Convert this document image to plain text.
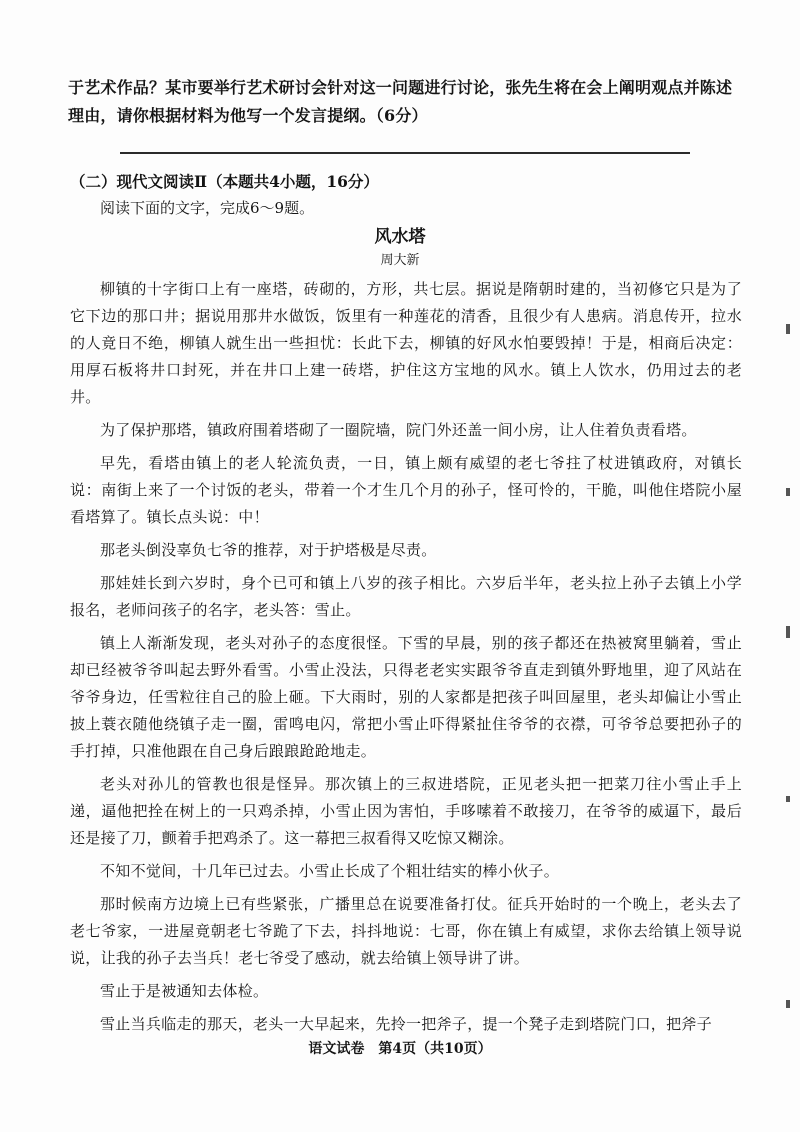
于艺术作品？某市要举行艺术研讨会针对这一问题进行讨论，张先生将在会上阐明观点并陈述理由，请你根据材料为他写一个发言提纲。（6分）
（二）现代文阅读Ⅱ（本题共4小题，16分）
阅读下面的文字，完成6～9题。
风水塔
周大新

柳镇的十字街口上有一座塔，砖砌的，方形，共七层。据说是隋朝时建的，当初修它只是为了它下边的那口井；据说用那井水做饭，饭里有一种莲花的清香，且很少有人患病。消息传开，拉水的人竟日不绝，柳镇人就生出一些担忧：长此下去，柳镇的好风水怕要毁掉！于是，相商后决定：用厚石板将井口封死，并在井口上建一砖塔，护住这方宝地的风水。镇上人饮水，仍用过去的老井。

为了保护那塔，镇政府围着塔砌了一圈院墙，院门外还盖一间小房，让人住着负责看塔。

早先，看塔由镇上的老人轮流负责，一日，镇上颇有威望的老七爷拄了杖进镇政府，对镇长说：南街上来了一个讨饭的老头，带着一个才生几个月的孙子，怪可怜的，干脆，叫他住塔院小屋看塔算了。镇长点头说：中！

那老头倒没辜负七爷的推荐，对于护塔极是尽责。

那娃娃长到六岁时，身个已可和镇上八岁的孩子相比。六岁后半年，老头拉上孙子去镇上小学报名，老师问孩子的名字，老头答：雪止。

镇上人渐渐发现，老头对孙子的态度很怪。下雪的早晨，别的孩子都还在热被窝里躺着，雪止却已经被爷爷叫起去野外看雪。小雪止没法，只得老老实实跟爷爷直走到镇外野地里，迎了风站在爷爷身边，任雪粒往自己的脸上砸。下大雨时，别的人家都是把孩子叫回屋里，老头却偏让小雪止披上蓑衣随他绕镇子走一圈，雷鸣电闪，常把小雪止吓得紧扯住爷爷的衣襟，可爷爷总要把孙子的手打掉，只准他跟在自己身后踉踉跄跄地走。

老头对孙儿的管教也很是怪异。那次镇上的三叔进塔院，正见老头把一把菜刀往小雪止手上递，逼他把拴在树上的一只鸡杀掉，小雪止因为害怕，手哆嗦着不敢接刀，在爷爷的威逼下，最后还是接了刀，颤着手把鸡杀了。这一幕把三叔看得又吃惊又糊涂。

不知不觉间，十几年已过去。小雪止长成了个粗壮结实的棒小伙子。

那时候南方边境上已有些紧张，广播里总在说要准备打仗。征兵开始时的一个晚上，老头去了老七爷家，一进屋竟朝老七爷跪了下去，抖抖地说：七哥，你在镇上有威望，求你去给镇上领导说说，让我的孙子去当兵！老七爷受了感动，就去给镇上领导讲了讲。

雪止于是被通知去体检。

雪止当兵临走的那天，老头一大早起来，先拎一把斧子，提一个凳子走到塔院门口，把斧子

语文试卷　第4页（共10页）
